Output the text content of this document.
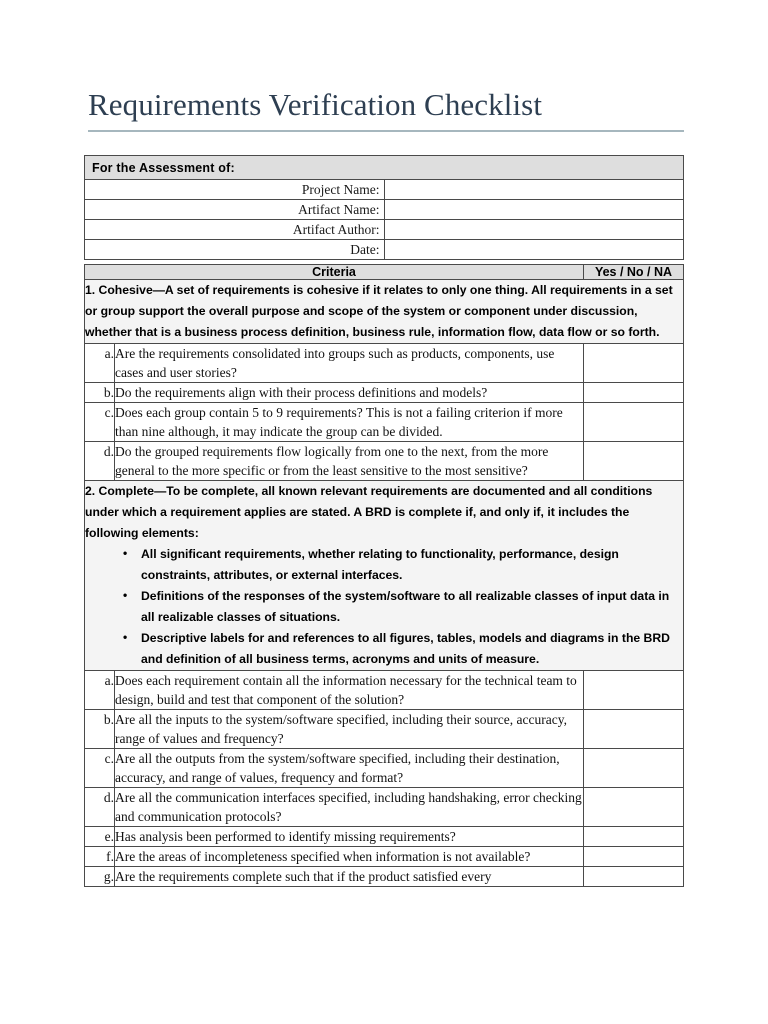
Requirements Verification Checklist
For the Assessment of:	
Project Name:	
Artifact Name:	
Artifact Author:	
Date:	
Criteria		Yes / No / NA

1. Cohesive—A set of requirements is cohesive if it relates to only one thing. All requirements in a set or group support the overall purpose and scope of the system or component under discussion, whether that is a business process definition, business rule, information flow, data flow or so forth.		

a.	Are the requirements consolidated into groups such as products, components, use cases and user stories?	
b.	Do the requirements align with their process definitions and models?	
c.	Does each group contain 5 to 9 requirements? This is not a failing criterion if more than nine although, it may indicate the group can be divided.	
d.	Do the grouped requirements flow logically from one to the next, from the more general to the more specific or from the least sensitive to the most sensitive?	

2. Complete—To be complete, all known relevant requirements are documented and all conditions under which a requirement applies are stated. A BRD is complete if, and only if, it includes the following elements:
• All significant requirements, whether relating to functionality, performance, design constraints, attributes, or external interfaces.
• Definitions of the responses of the system/software to all realizable classes of input data in all realizable classes of situations.
• Descriptive labels for and references to all figures, tables, models and diagrams in the BRD and definition of all business terms, acronyms and units of measure.

a.	Does each requirement contain all the information necessary for the technical team to design, build and test that component of the solution?	
b.	Are all the inputs to the system/software specified, including their source, accuracy, range of values and frequency?	
c.	Are all the outputs from the system/software specified, including their destination, accuracy, and range of values, frequency and format?	
d.	Are all the communication interfaces specified, including handshaking, error checking and communication protocols?	
e.	Has analysis been performed to identify missing requirements?	
f.	Are the areas of incompleteness specified when information is not available?	
g.	Are the requirements complete such that if the product satisfied every	
